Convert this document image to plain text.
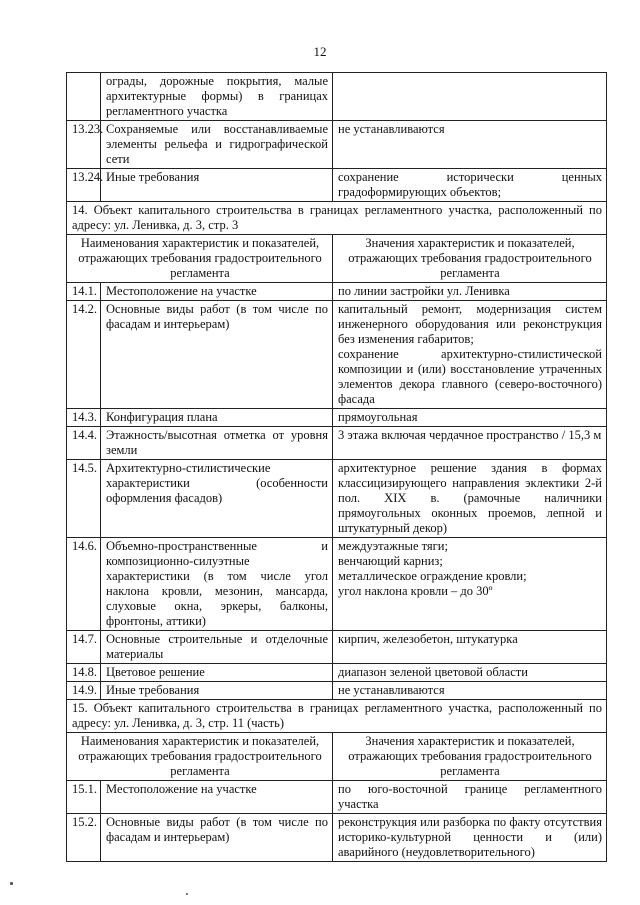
12
	ограды, дорожные покрытия, малые архитектурные формы) в границах регламентного участка	
13.23.	Сохраняемые или восстанавливаемые элементы рельефа и гидрографической сети	не устанавливаются
13.24.	Иные требования	сохранение исторически ценных градоформирующих объектов;
14. Объект капитального строительства в границах регламентного участка, расположенный по адресу: ул. Ленивка, д. 3, стр. 3		
Наименования характеристик и показателей, отражающих требования градостроительного регламента		Значения характеристик и показателей, отражающих требования градостроительного регламента
14.1.	Местоположение на участке	по линии застройки ул. Ленивка

14.2.	Основные виды работ (в том числе по фасадам и интерьерам)	капитальный ремонт, модернизация систем инженерного оборудования или реконструкция без изменения габаритов;
сохранение архитектурно-стилистической композиции и (или) восстановление утраченных элементов декора главного (северо-восточного) фасада

14.3.	Конфигурация плана	прямоугольная

14.4.	Этажность/высотная отметка от уровня земли	3 этажа включая чердачное пространство / 15,3 м

14.5.	Архитектурно-стилистические характеристики (особенности оформления фасадов)	архитектурное решение здания в формах классицизирующего направления эклектики 2-й пол. XIX в. (рамочные наличники прямоугольных оконных проемов, лепной и штукатурный декор)

14.6.	Объемно-пространственные и композиционно-силуэтные характеристики (в том числе угол наклона кровли, мезонин, мансарда, слуховые окна, эркеры, балконы, фронтоны, аттики)	междуэтажные тяги;
венчающий карниз;
металлическое ограждение кровли;
угол наклона кровли – до 30º

14.7.	Основные строительные и отделочные материалы	кирпич, железобетон, штукатурка

14.8.	Цветовое решение	диапазон зеленой цветовой области

14.9.	Иные требования	не устанавливаются

15. Объект капитального строительства в границах регламентного участка, расположенный по адресу: ул. Ленивка, д. 3, стр. 11 (часть)		
Наименования характеристик и показателей, отражающих требования градостроительного регламента		Значения характеристик и показателей, отражающих требования градостроительного регламента
15.1.	Местоположение на участке	по юго-восточной границе регламентного участка

15.2.	Основные виды работ (в том числе по фасадам и интерьерам)	реконструкция или разборка по факту отсутствия историко-культурной ценности и (или) аварийного (неудовлетворительного)
